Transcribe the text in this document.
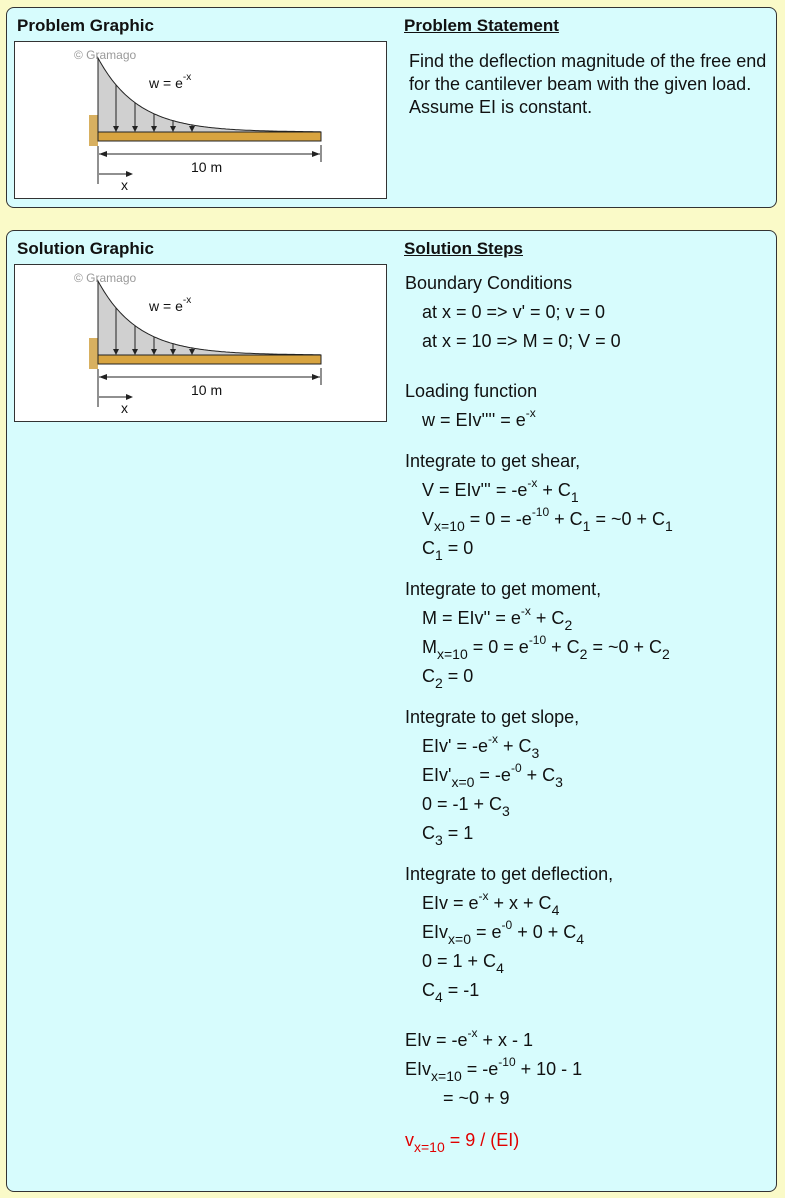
Problem Graphic	Problem Statement
© Gramago
$w = e^{-x}$
10 m
x
Find the deflection magnitude of the free end for the cantilever beam with the given load. Assume EI is constant.
Solution Graphic	Solution Steps
© Gramago
$w = e^{-x}$
10 m
x
Boundary Conditions
at x = 0 => v' = 0; v = 0
at x = 10 => M = 0; V = 0
Loading function
$w = EIv'''' = e^{-x}$
Integrate to get shear,
$V = EIv''' = -e^{-x} + C_1$
$V_{x=10} = 0 = -e^{-10} + C_1$ = ~0 + $C_1$
$C_1 = 0$
Integrate to get moment,
$M = EIv'' = e^{-x} + C_2$
$M_{x=10} = 0 = e^{-10} + C_2$ = ~0 + $C_2$
$C_2 = 0$
Integrate to get slope,
$EIv' = -e^{-x} + C_3$
$EIv'_{x=0} = -e^{-0} + C_3$
$0 = -1 + C_3$
$C_3 = 1$
Integrate to get deflection,
EIv = $e^{-x} + x + C_4$
$EIv_{x=0} = e^{-0} + 0 + C_4$
$0 = 1 + C_4$
$C_4 = -1$
EIv = $-e^{-x} + x - 1$
$EIv_{x=10} = -e^{-10} + 10 - 1$
= ~0 + 9
$v_{x=10} = 9 / (EI)$
